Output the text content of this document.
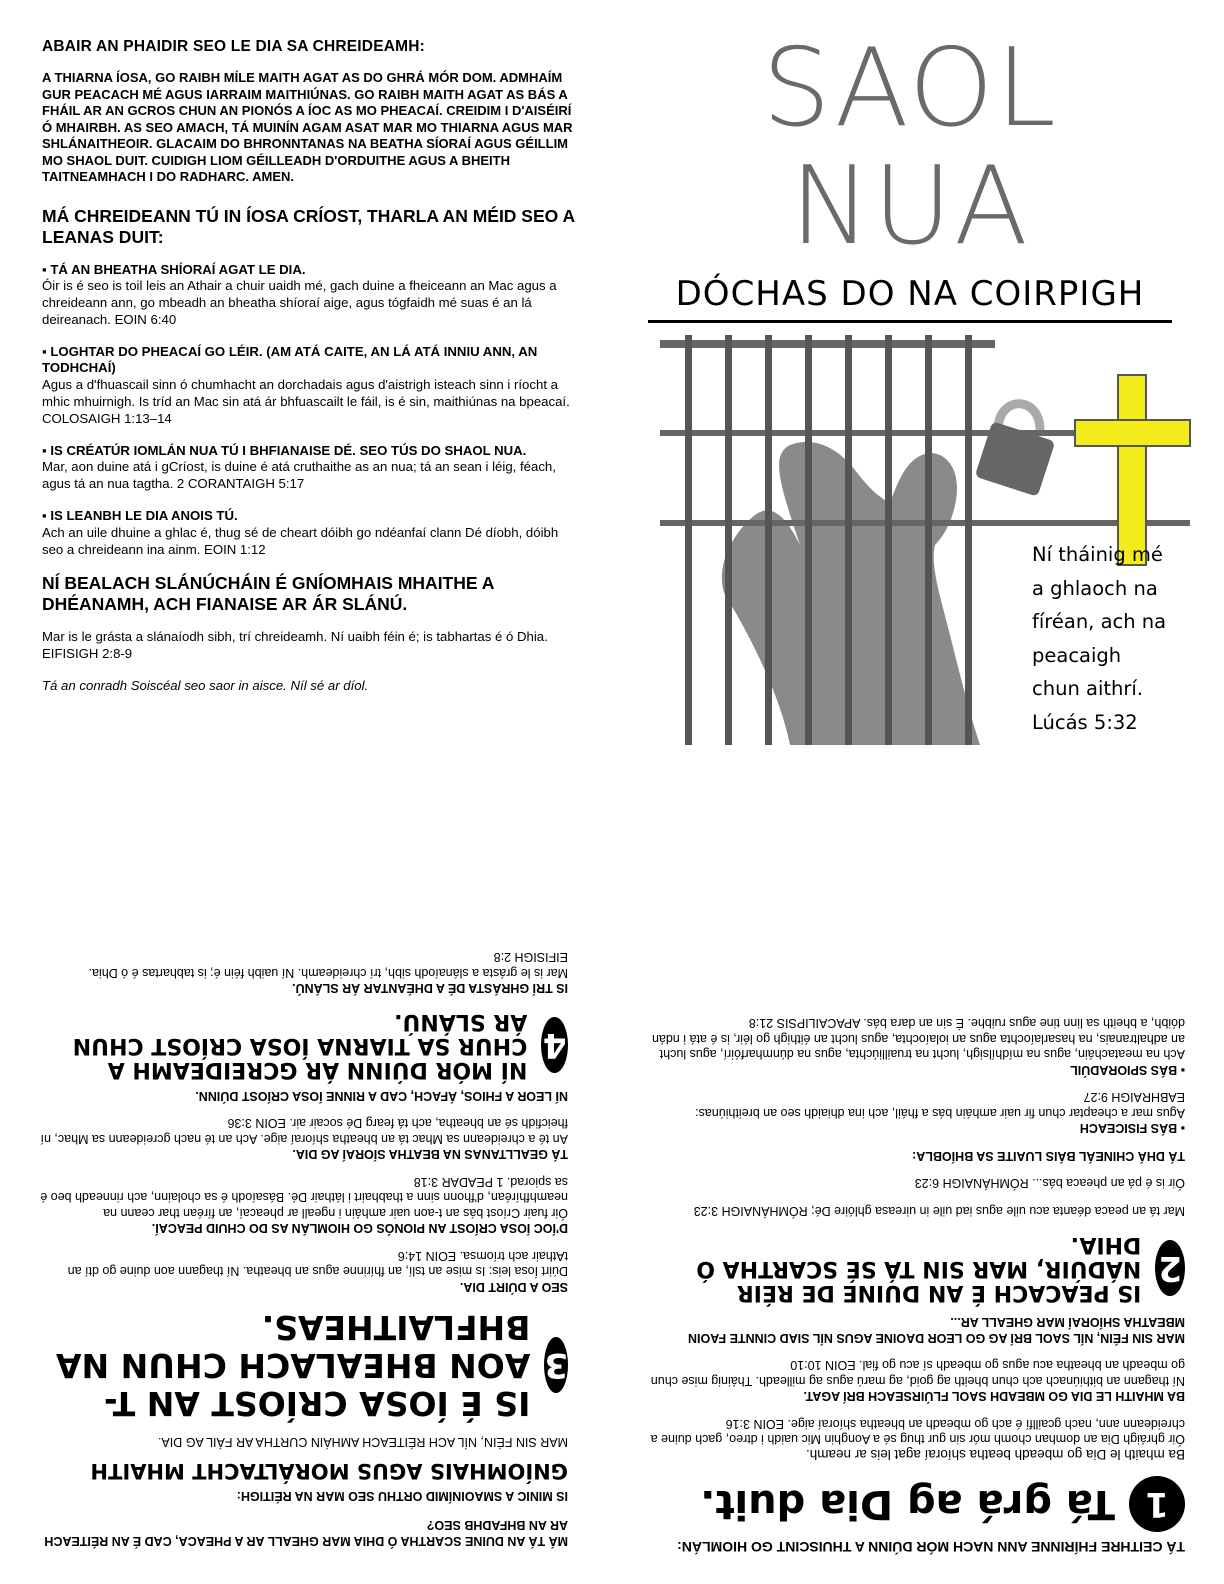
ABAIR AN PHAIDIR SEO LE DIA SA CHREIDEAMH:

A THIARNA ÍOSA, GO RAIBH MÍLE MAITH AGAT AS DO GHRÁ MÓR DOM. ADMHAÍM GUR PEACACH MÉ AGUS IARRAIM MAITHIÚNAS. GO RAIBH MAITH AGAT AS BÁS A FHÁIL AR AN GCROS CHUN AN PIONÓS A ÍOC AS MO PHEACAÍ. CREIDIM I D'AISÉIRÍ Ó MHAIRBH. AS SEO AMACH, TÁ MUINÍN AGAM ASAT MAR MO THIARNA AGUS MAR SHLÁNAITHEOIR. GLACAIM DO BHRONNTANAS NA BEATHA SÍORAÍ AGUS GÉILLIM MO SHAOL DUIT. CUIDIGH LIOM GÉILLEADH D'ORDUITHE AGUS A BHEITH TAITNEAMHACH I DO RADHARC. AMEN.

MÁ CHREIDEANN TÚ IN ÍOSA CRÍOST, THARLA AN MÉID SEO A LEANAS DUIT:
▪ TÁ AN BHEATHA SHÍORAÍ AGAT LE DIA.
Óir is é seo is toil leis an Athair a chuir uaidh mé, gach duine a fheiceann an Mac agus a chreideann ann, go mbeadh an bheatha shíoraí aige, agus tógfaidh mé suas é an lá deireanach. EOIN 6:40
▪ LOGHTAR DO PHEACAÍ GO LÉIR. (AM ATÁ CAITE, AN LÁ ATÁ INNIU ANN, AN TODHCHAÍ)
Agus a d'fhuascail sinn ó chumhacht an dorchadais agus d'aistrigh isteach sinn i ríocht a mhic mhuirnigh. Is tríd an Mac sin atá ár bhfuascailt le fáil, is é sin, maithiúnas na bpeacaí. COLOSAIGH 1:13–14
▪ IS CRÉATÚR IOMLÁN NUA TÚ I BHFIANAISE DÉ. SEO TÚS DO SHAOL NUA.
Mar, aon duine atá i gCríost, is duine é atá cruthaithe as an nua; tá an sean i léig, féach, agus tá an nua tagtha. 2 CORANTAIGH 5:17
▪ IS LEANBH LE DIA ANOIS TÚ.
Ach an uile dhuine a ghlac é, thug sé de cheart dóibh go ndéanfaí clann Dé díobh, dóibh seo a chreideann ina ainm. EOIN 1:12
NÍ BEALACH SLÁNÚCHÁIN É GNÍOMHAIS MHAITHE A DHÉANAMH, ACH FIANAISE AR ÁR SLÁNÚ.
Mar is le grásta a slánaíodh sibh, trí chreideamh. Ní uaibh féin é; is tabhartas é ó Dhia. EIFISIGH 2:8-9
Tá an conradh Soiscéal seo saor in aisce. Níl sé ar díol.
SAOL
NUA
DÓCHAS DO NA COIRPIGH
Ní tháinig mé
a ghlaoch na
fíréan, ach na
peacaigh
chun aithrí.
Lúcás 5:32

MÁ TÁ AN DUINE SCARTHA Ó DHIA MAR GHEALL AR A PHEACA, CAD É AN RÉITEACH AR AN BHFADHB SEO?

IS MINIC A SMAOINÍMID ORTHU SEO MAR NA RÉITIGH:

GNÍOMHAIS AGUS MORÁLTACHT MHAITH

MAR SIN FÉIN, NÍL ACH RÉITEACH AMHÁIN CURTHA AR FÁIL AG DIA.

3
IS É ÍOSA CRÍOST AN T-AON BHEALACH CHUN NA BHFLAITHEAS.

SEO A DÚIRT DIA.

Dúirt Íosa leis: Is mise an tslí, an fhírinne agus an bheatha. Ní thagann aon duine go dtí an tAthair ach tríomsa. EOIN 14:6

D'ÍOC ÍOSA CRÍOST AN PIONÓS GO HIOMLÁN AS DO CHUID PEACAÍ.

Óir fuair Críost bás an t-aon uair amháin i ngeall ar pheacaí, an fíréan thar ceann na neamhfhíréan, d'fhonn sinn a thabhairt i láthair Dé. Básaíodh é sa cholainn, ach rinneadh beo é sa spiorad. 1 PEADAR 3:18

TÁ GEALLTANAS NA BEATHA SÍORAÍ AG DIA.

An té a chreideann sa Mhac tá an bheatha shíoraí aige. Ach an té nach gcreideann sa Mhac, ní fheicfidh sé an bheatha, ach tá fearg Dé socair air. EOIN 3:36

NÍ LEOR A FHIOS, ÁFACH, CAD A RINNE ÍOSA CRÍOST DÚINN.

4
NÍ MÓR DÚINN ÁR GCREIDEAMH A CHUR SA TIARNA ÍOSA CRÍOST CHUN ÁR SLÁNÚ.

IS TRÍ GHRÁSTA DÉ A DHÉANTAR ÁR SLÁNÚ.

Mar is le grásta a slánaíodh sibh, trí chreideamh. Ní uaibh féin é; is tabhartas é ó Dhia. EIFISIGH 2:8

TÁ CEITHRE FHÍRINNE ANN NACH MÓR DÚINN A THUISCINT GO HIOMLÁN:

1
Tá grá ag Dia duit.

Ba mhaith le Dia go mbeadh beatha shíoraí agat leis ar neamh.

Óir ghráigh Dia an domhan chomh mór sin gur thug sé a Aonghin Mic uaidh i dtreo, gach duine a chreideann ann, nach gcaillfí é ach go mbeadh an bheatha shíoraí aige. EOIN 3:16

BA MHAITH LE DIA GO MBEADH SAOL FLÚIRSEACH BRÍ AGAT.

Ní thagann an bithiúnach ach chun bheith ag goid, ag marú agus ag milleadh. Tháinig mise chun go mbeadh an bheatha acu agus go mbeadh sí acu go fial. EOIN 10:10

MAR SIN FÉIN, NÍL SAOL BRÍ AG GO LEOR DAOINE AGUS NÍL SIAD CINNTE FAOIN MBEATHA SHÍORAÍ MAR GHEALL AR...

2
IS PEACACH É AN DUINE DE RÉIR NÁDÚIR, MAR SIN TÁ SÉ SCARTHA Ó DHIA.

Mar tá an peaca déanta acu uile agus iad uile in uireasa ghlóire Dé; RÓMHÁNAIGH 3:23

Óir is é pá an pheaca bás... RÓMHÁNAIGH 6:23

TÁ DHÁ CHINEÁL BÁIS LUAITE SA BHÍOBLA:

▪ BÁS FISICEACH

Agus mar a cheaptar chun fir uair amháin bás a fháil, ach ina dhiaidh seo an breithiúnas: EABHRAIGH 9:27

▪ BÁS SPIORADÚIL

Ach na meatacháin, agus na mídhílsigh, lucht na truailliúchta, agus na dúnmharfóirí, agus lucht an adhaltranais, na hasarlaíochta agus an iolaíochta, agus lucht an éithigh go léir, is é atá i ndán dóibh, a bheith sa linn tine agus ruibhe. É sin an dara bás. APACAILIPSIS 21:8
